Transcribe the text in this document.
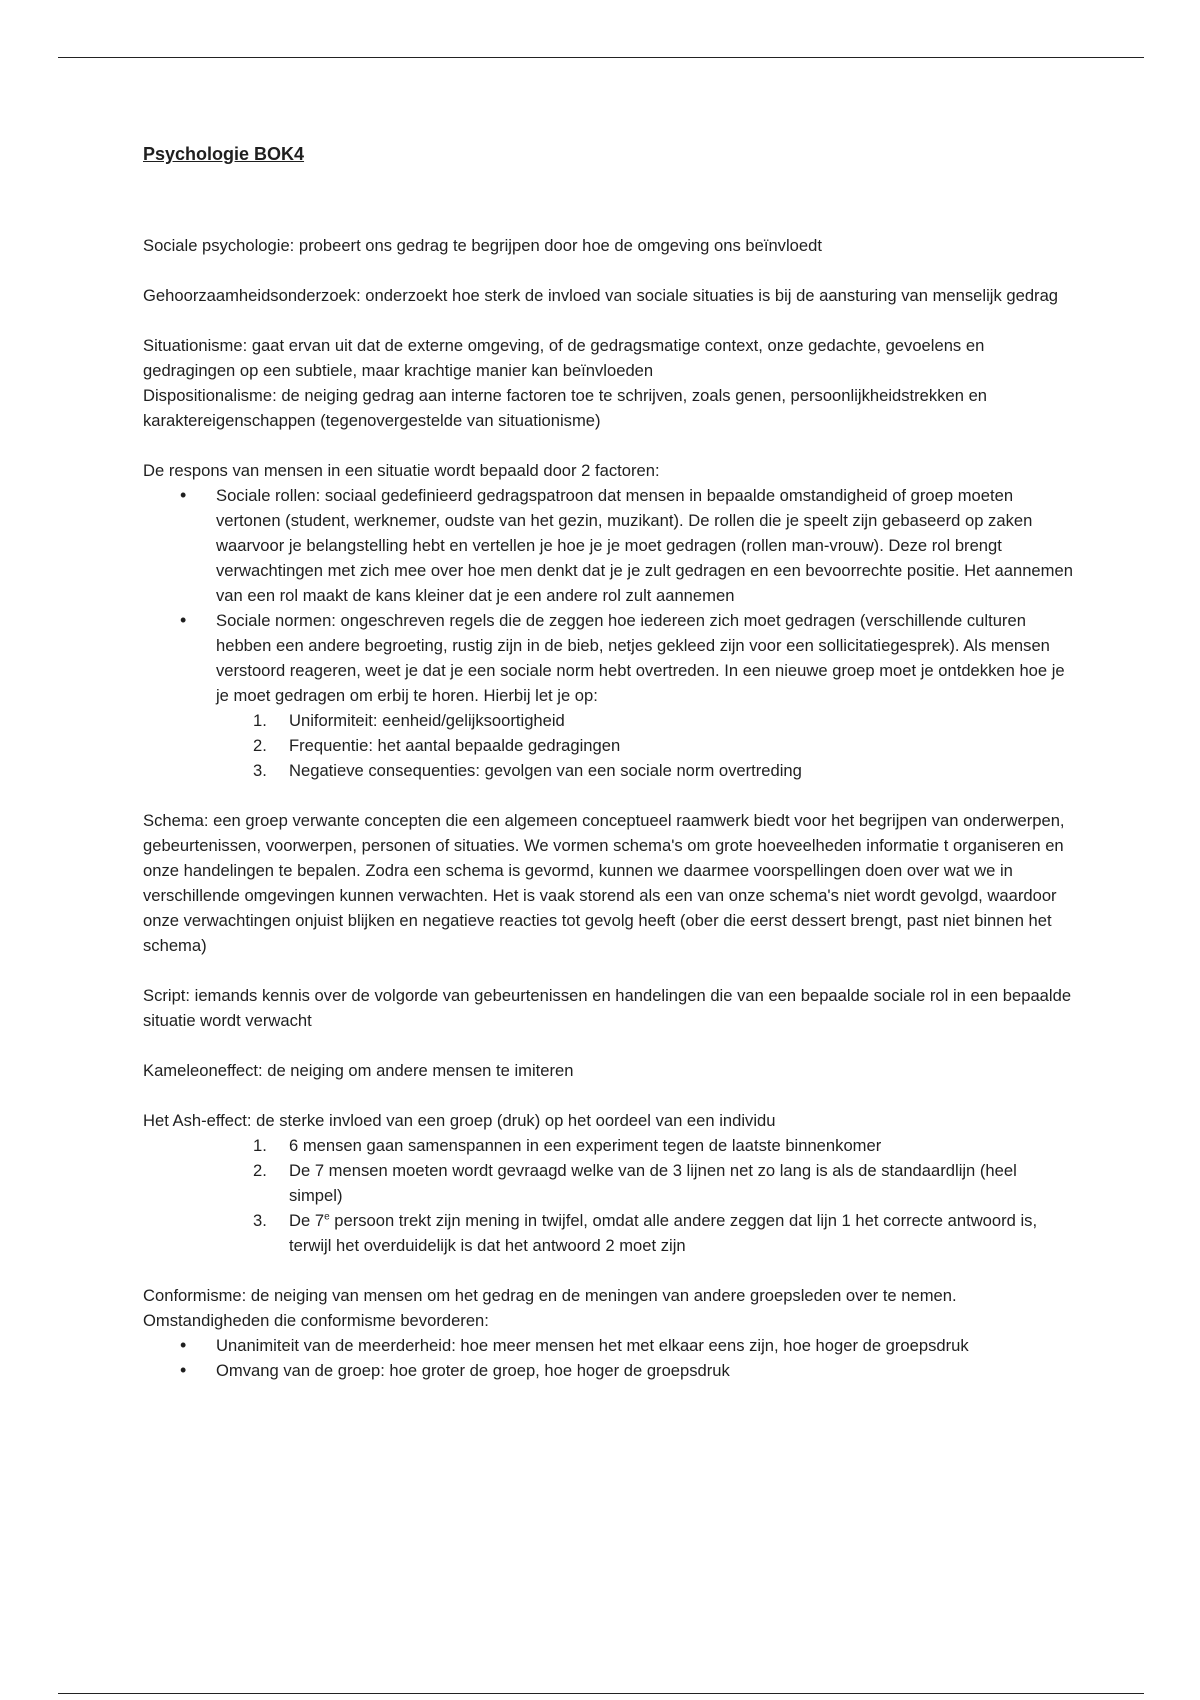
Psychologie BOK4

Sociale psychologie: probeert ons gedrag te begrijpen door hoe de omgeving ons beïnvloedt

Gehoorzaamheidsonderzoek: onderzoekt hoe sterk de invloed van sociale situaties is bij de aansturing van menselijk gedrag

Situationisme: gaat ervan uit dat de externe omgeving, of de gedragsmatige context, onze gedachte, gevoelens en gedragingen op een subtiele, maar krachtige manier kan beïnvloeden

Dispositionalisme: de neiging gedrag aan interne factoren toe te schrijven, zoals genen, persoonlijkheidstrekken en karaktereigenschappen (tegenovergestelde van situationisme)

De respons van mensen in een situatie wordt bepaald door 2 factoren:

• Sociale rollen: sociaal gedefinieerd gedragspatroon dat mensen in bepaalde omstandigheid of groep moeten vertonen (student, werknemer, oudste van het gezin, muzikant). De rollen die je speelt zijn gebaseerd op zaken waarvoor je belangstelling hebt en vertellen je hoe je je moet gedragen (rollen man-vrouw). Deze rol brengt verwachtingen met zich mee over hoe men denkt dat je je zult gedragen en een bevoorrechte positie. Het aannemen van een rol maakt de kans kleiner dat je een andere rol zult aannemen
• Sociale normen: ongeschreven regels die de zeggen hoe iedereen zich moet gedragen (verschillende culturen hebben een andere begroeting, rustig zijn in de bieb, netjes gekleed zijn voor een sollicitatiegesprek). Als mensen verstoord reageren, weet je dat je een sociale norm hebt overtreden. In een nieuwe groep moet je ontdekken hoe je je moet gedragen om erbij te horen. Hierbij let je op:
1. Uniformiteit: eenheid/gelijksoortigheid
2. Frequentie: het aantal bepaalde gedragingen
3. Negatieve consequenties: gevolgen van een sociale norm overtreding

Schema: een groep verwante concepten die een algemeen conceptueel raamwerk biedt voor het begrijpen van onderwerpen, gebeurtenissen, voorwerpen, personen of situaties. We vormen schema's om grote hoeveelheden informatie t organiseren en onze handelingen te bepalen. Zodra een schema is gevormd, kunnen we daarmee voorspellingen doen over wat we in verschillende omgevingen kunnen verwachten. Het is vaak storend als een van onze schema's niet wordt gevolgd, waardoor onze verwachtingen onjuist blijken en negatieve reacties tot gevolg heeft (ober die eerst dessert brengt, past niet binnen het schema)

Script: iemands kennis over de volgorde van gebeurtenissen en handelingen die van een bepaalde sociale rol in een bepaalde situatie wordt verwacht

Kameleoneffect: de neiging om andere mensen te imiteren

Het Ash-effect: de sterke invloed van een groep (druk) op het oordeel van een individu

1. 6 mensen gaan samenspannen in een experiment tegen de laatste binnenkomer
2. De 7 mensen moeten wordt gevraagd welke van de 3 lijnen net zo lang is als de standaardlijn (heel simpel)
3. De 7e persoon trekt zijn mening in twijfel, omdat alle andere zeggen dat lijn 1 het correcte antwoord is, terwijl het overduidelijk is dat het antwoord 2 moet zijn

Conformisme: de neiging van mensen om het gedrag en de meningen van andere groepsleden over te nemen. Omstandigheden die conformisme bevorderen:

• Unanimiteit van de meerderheid: hoe meer mensen het met elkaar eens zijn, hoe hoger de groepsdruk
• Omvang van de groep: hoe groter de groep, hoe hoger de groepsdruk
